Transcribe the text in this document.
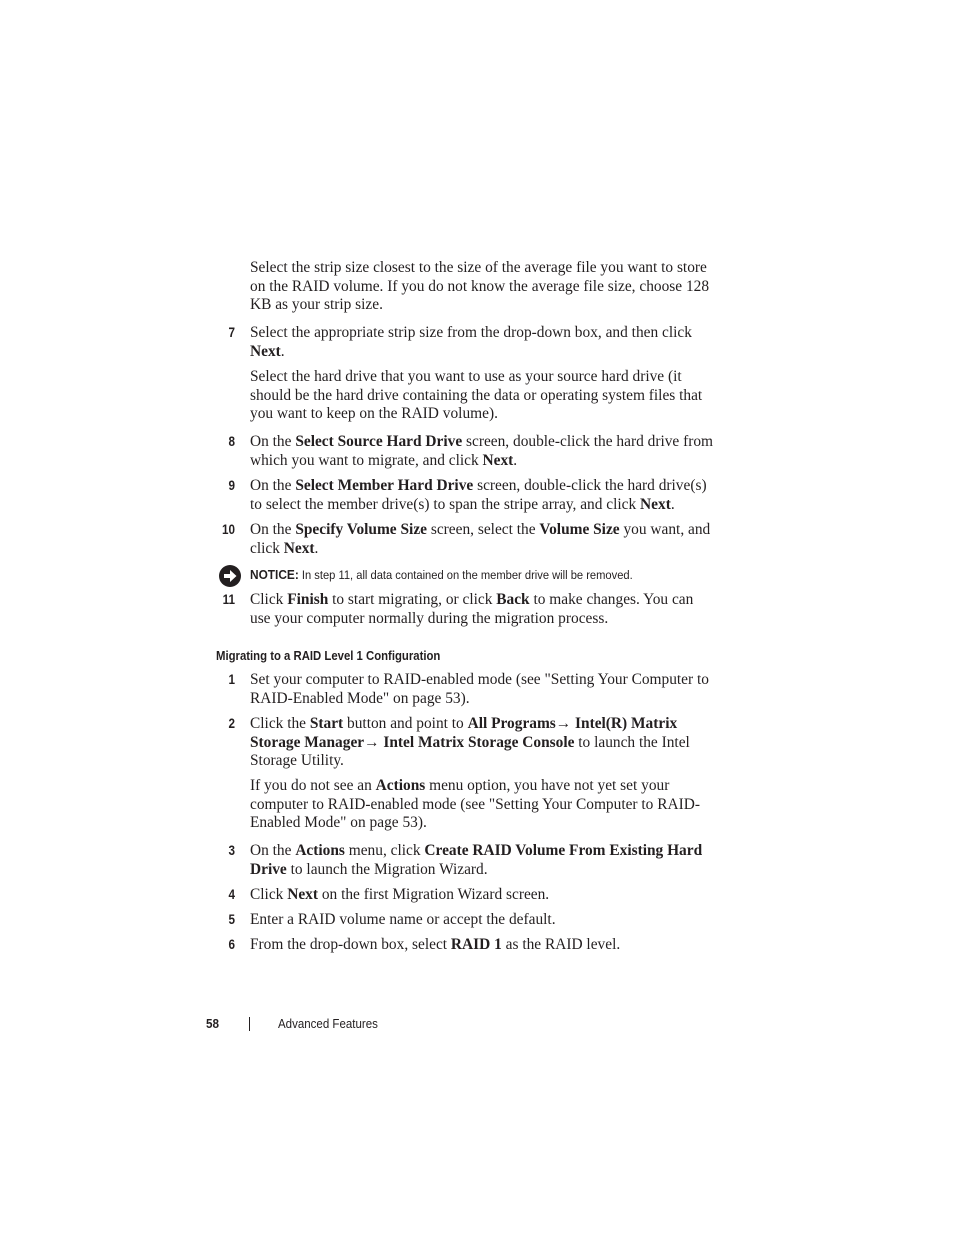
Select the strip size closest to the size of the average file you want to store on the RAID volume. If you do not know the average file size, choose 128 KB as your strip size.
7 Select the appropriate strip size from the drop-down box, and then click Next.
Select the hard drive that you want to use as your source hard drive (it should be the hard drive containing the data or operating system files that you want to keep on the RAID volume).
8 On the Select Source Hard Drive screen, double-click the hard drive from which you want to migrate, and click Next.
9 On the Select Member Hard Drive screen, double-click the hard drive(s) to select the member drive(s) to span the stripe array, and click Next.
10 On the Specify Volume Size screen, select the Volume Size you want, and click Next.
NOTICE: In step 11, all data contained on the member drive will be removed.
11 Click Finish to start migrating, or click Back to make changes. You can use your computer normally during the migration process.
Migrating to a RAID Level 1 Configuration
1 Set your computer to RAID-enabled mode (see "Setting Your Computer to RAID-Enabled Mode" on page 53).
2 Click the Start button and point to All Programs→ Intel(R) Matrix Storage Manager→ Intel Matrix Storage Console to launch the Intel Storage Utility.
If you do not see an Actions menu option, you have not yet set your computer to RAID-enabled mode (see "Setting Your Computer to RAID-Enabled Mode" on page 53).
3 On the Actions menu, click Create RAID Volume From Existing Hard Drive to launch the Migration Wizard.
4 Click Next on the first Migration Wizard screen.
5 Enter a RAID volume name or accept the default.
6 From the drop-down box, select RAID 1 as the RAID level.
58	Advanced Features
